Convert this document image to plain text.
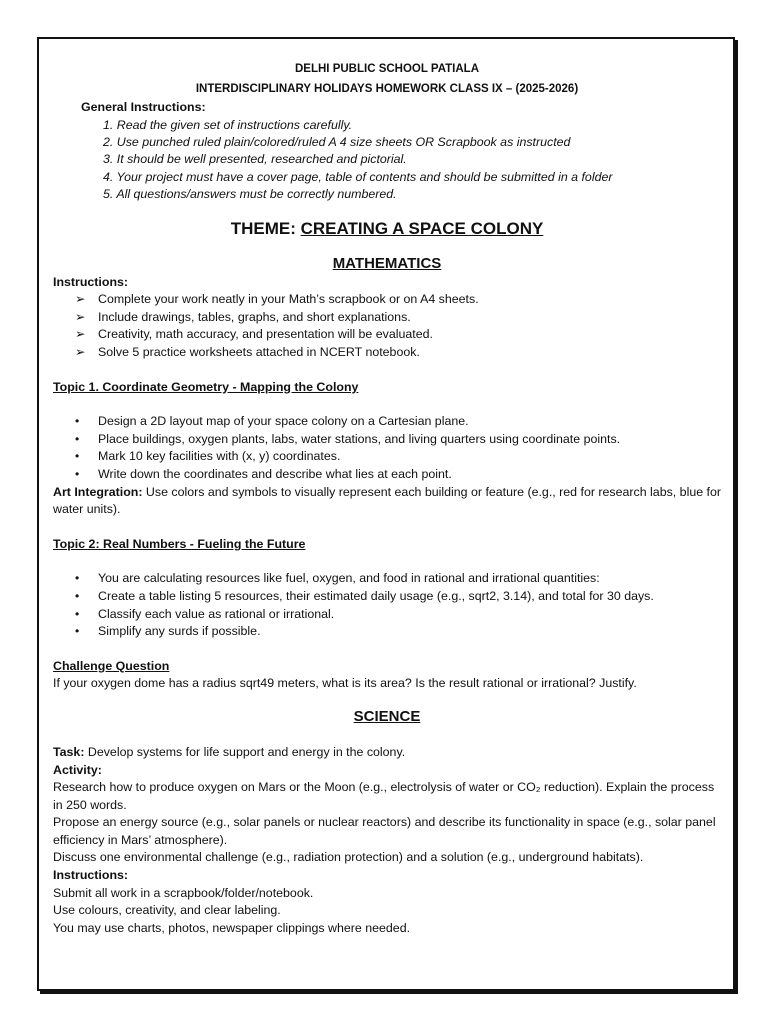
DELHI PUBLIC SCHOOL PATIALA
INTERDISCIPLINARY HOLIDAYS HOMEWORK CLASS IX – (2025-2026)
General Instructions:
1. Read the given set of instructions carefully.
2. Use punched ruled plain/colored/ruled A 4 size sheets OR Scrapbook as instructed
3. It should be well presented, researched and pictorial.
4. Your project must have a cover page, table of contents and should be submitted in a folder
5. All questions/answers must be correctly numbered.
THEME: CREATING A SPACE COLONY
MATHEMATICS
Instructions:
➢ Complete your work neatly in your Math’s scrapbook or on A4 sheets.
➢ Include drawings, tables, graphs, and short explanations.
➢ Creativity, math accuracy, and presentation will be evaluated.
➢ Solve 5 practice worksheets attached in NCERT notebook.
Topic 1. Coordinate Geometry - Mapping the Colony
• Design a 2D layout map of your space colony on a Cartesian plane.
• Place buildings, oxygen plants, labs, water stations, and living quarters using coordinate points.
• Mark 10 key facilities with (x, y) coordinates.
• Write down the coordinates and describe what lies at each point.

Art Integration: Use colors and symbols to visually represent each building or feature (e.g., red for research labs, blue for water units).

Topic 2: Real Numbers - Fueling the Future
• You are calculating resources like fuel, oxygen, and food in rational and irrational quantities:
• Create a table listing 5 resources, their estimated daily usage (e.g., sqrt2, 3.14), and total for 30 days.
• Classify each value as rational or irrational.
• Simplify any surds if possible.
Challenge Question

If your oxygen dome has a radius sqrt49 meters, what is its area? Is the result rational or irrational? Justify.

SCIENCE

Task: Develop systems for life support and energy in the colony.

Activity:

Research how to produce oxygen on Mars or the Moon (e.g., electrolysis of water or CO₂ reduction). Explain the process in 250 words.

Propose an energy source (e.g., solar panels or nuclear reactors) and describe its functionality in space (e.g., solar panel efficiency in Mars’ atmosphere).

Discuss one environmental challenge (e.g., radiation protection) and a solution (e.g., underground habitats).

Instructions:

Submit all work in a scrapbook/folder/notebook.

Use colours, creativity, and clear labeling.

You may use charts, photos, newspaper clippings where needed.
